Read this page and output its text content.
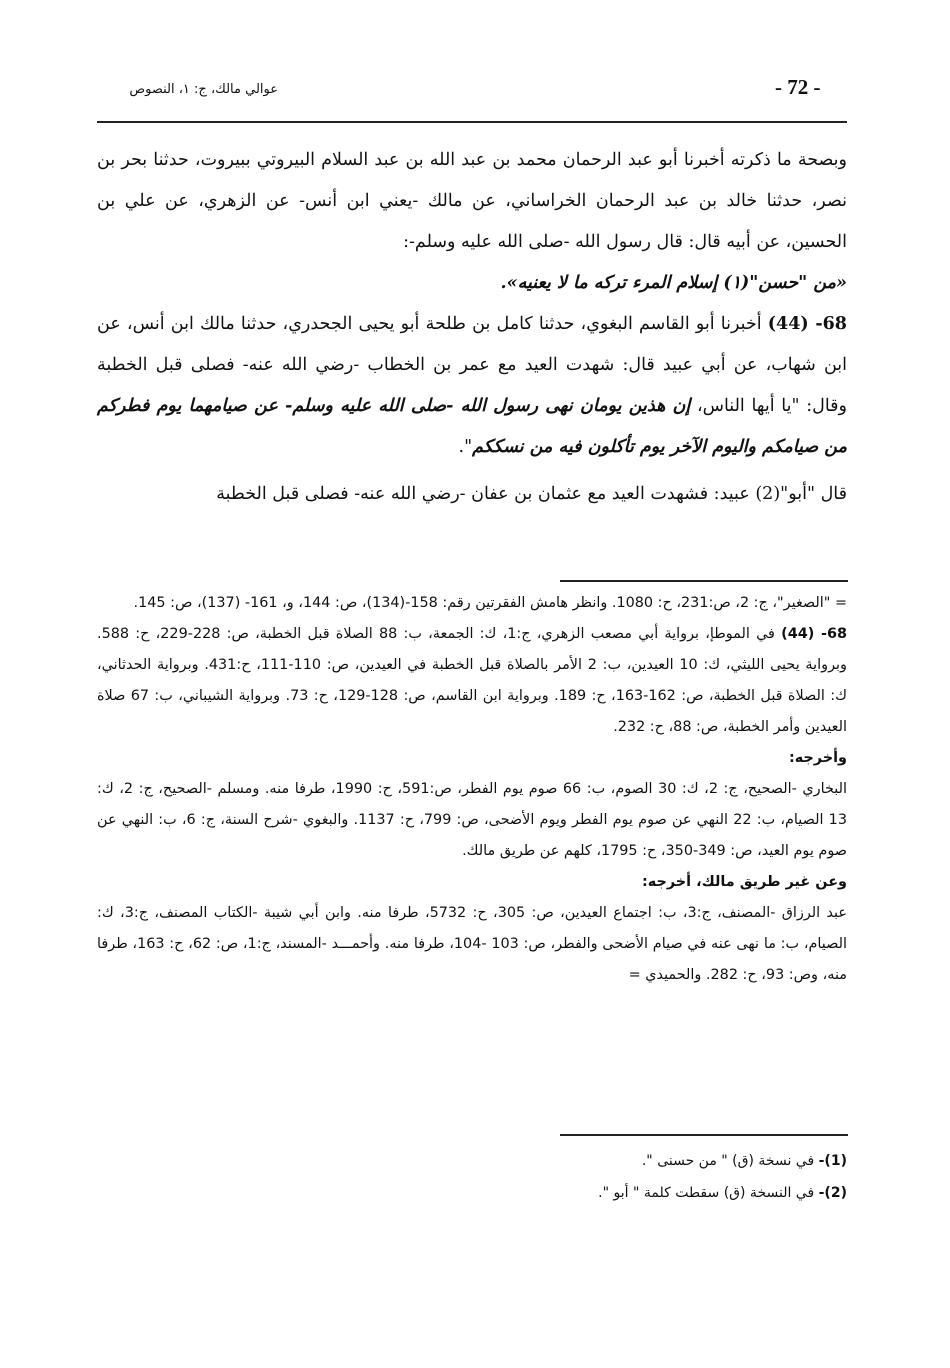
- 72 -
عوالي مالك، ج: ١، النصوص

وبصحة ما ذكرته أخبرنا أبو عبد الرحمان محمد بن عبد الله بن عبد السلام البيروتي ببيروت، حدثنا بحر بن نصر، حدثنا خالد بن عبد الرحمان الخراساني، عن مالك -يعني ابن أنس- عن الزهري، عن علي بن الحسين، عن أبيه قال: قال رسول الله -صلى الله عليه وسلم-:
«من "حسن"(١) إسلام المرء تركه ما لا يعنيه».

68- (44) أخبرنا أبو القاسم البغوي، حدثنا كامل بن طلحة أبو يحيى الجحدري، حدثنا مالك ابن أنس، عن ابن شهاب، عن أبي عبيد قال: شهدت العيد مع عمر بن الخطاب -رضي الله عنه- فصلى قبل الخطبة وقال: "يا أيها الناس، إن هذين يومان نهى رسول الله -صلى الله عليه وسلم- عن صيامهما يوم فطركم من صيامكم واليوم الآخر يوم تأكلون فيه من نسككم".

قال "أبو"(2) عبيد: فشهدت العيد مع عثمان بن عفان -رضي الله عنه- فصلى قبل الخطبة

= "الصغير"، ج: 2، ص:231، ح: 1080. وانظر هامش الفقرتين رقم: 158-(134)، ص: 144، و، 161- (137)، ص: 145.

68- (44) في الموطإ، برواية أبي مصعب الزهري، ج:1، ك: الجمعة، ب: 88 الصلاة قبل الخطبة، ص: 228-229، ح: 588. وبرواية يحيى الليثي، ك: 10 العيدين، ب: 2 الأمر بالصلاة قبل الخطبة في العيدين، ص: 110-111، ح:431. وبرواية الحدثاني، ك: الصلاة قبل الخطبة، ص: 162-163، ح: 189. وبرواية ابن القاسم، ص: 128-129، ح: 73. وبرواية الشيباني، ب: 67 صلاة العيدين وأمر الخطبة، ص: 88، ح: 232.

وأخرجه:

البخاري -الصحيح، ج: 2، ك: 30 الصوم، ب: 66 صوم يوم الفطر، ص:591، ح: 1990، طرفا منه. ومسلم -الصحيح، ج: 2، ك: 13 الصيام، ب: 22 النهي عن صوم يوم الفطر ويوم الأضحى، ص: 799، ح: 1137. والبغوي -شرح السنة، ج: 6، ب: النهي عن صوم يوم العيد، ص: 349-350، ح: 1795، كلهم عن طريق مالك.

وعن غير طريق مالك، أخرجه:

عبد الرزاق -المصنف، ج:3، ب: اجتماع العيدين، ص: 305، ح: 5732، طرفا منه. وابن أبي شيبة -الكتاب المصنف، ج:3، ك: الصيام، ب: ما نهى عنه في صيام الأضحى والفطر، ص: 103 -104، طرفا منه. وأحمـــد -المسند، ج:1، ص: 62، ح: 163، طرفا منه، وص: 93، ح: 282. والحميدي =

(1)- في نسخة (ق) " من حسنى ".

(2)- في النسخة (ق) سقطت كلمة " أبو ".
